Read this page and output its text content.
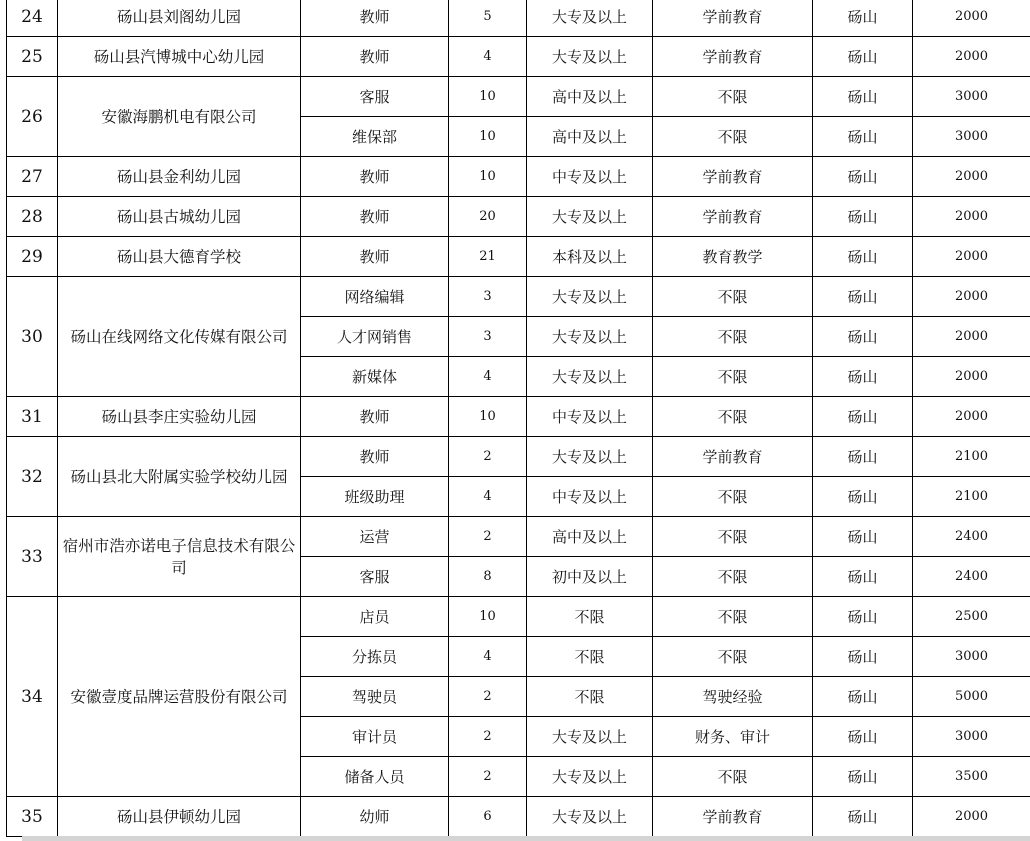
24	砀山县刘阁幼儿园	教师	5	大专及以上	学前教育	砀山	2000
25	砀山县汽博城中心幼儿园	教师	4	大专及以上	学前教育	砀山	2000
26	安徽海鹏机电有限公司	客服	10	高中及以上	不限	砀山	3000
		维保部	10	高中及以上	不限	砀山	3000
27	砀山县金利幼儿园	教师	10	中专及以上	学前教育	砀山	2000
28	砀山县古城幼儿园	教师	20	大专及以上	学前教育	砀山	2000
29	砀山县大德育学校	教师	21	本科及以上	教育教学	砀山	2000
30	砀山在线网络文化传媒有限公司	网络编辑	3	大专及以上	不限	砀山	2000
		人才网销售	3	大专及以上	不限	砀山	2000
		新媒体	4	大专及以上	不限	砀山	2000
31	砀山县李庄实验幼儿园	教师	10	中专及以上	不限	砀山	2000
32	砀山县北大附属实验学校幼儿园	教师	2	大专及以上	学前教育	砀山	2100
		班级助理	4	中专及以上	不限	砀山	2100
33	宿州市浩亦诺电子信息技术有限公司	运营	2	高中及以上	不限	砀山	2400
		客服	8	初中及以上	不限	砀山	2400
34	安徽壹度品牌运营股份有限公司	店员	10	不限	不限	砀山	2500
		分拣员	4	不限	不限	砀山	3000
		驾驶员	2	不限	驾驶经验	砀山	5000
		审计员	2	大专及以上	财务、审计	砀山	3000
		储备人员	2	大专及以上	不限	砀山	3500
35	砀山县伊顿幼儿园	幼师	6	大专及以上	学前教育	砀山	2000
